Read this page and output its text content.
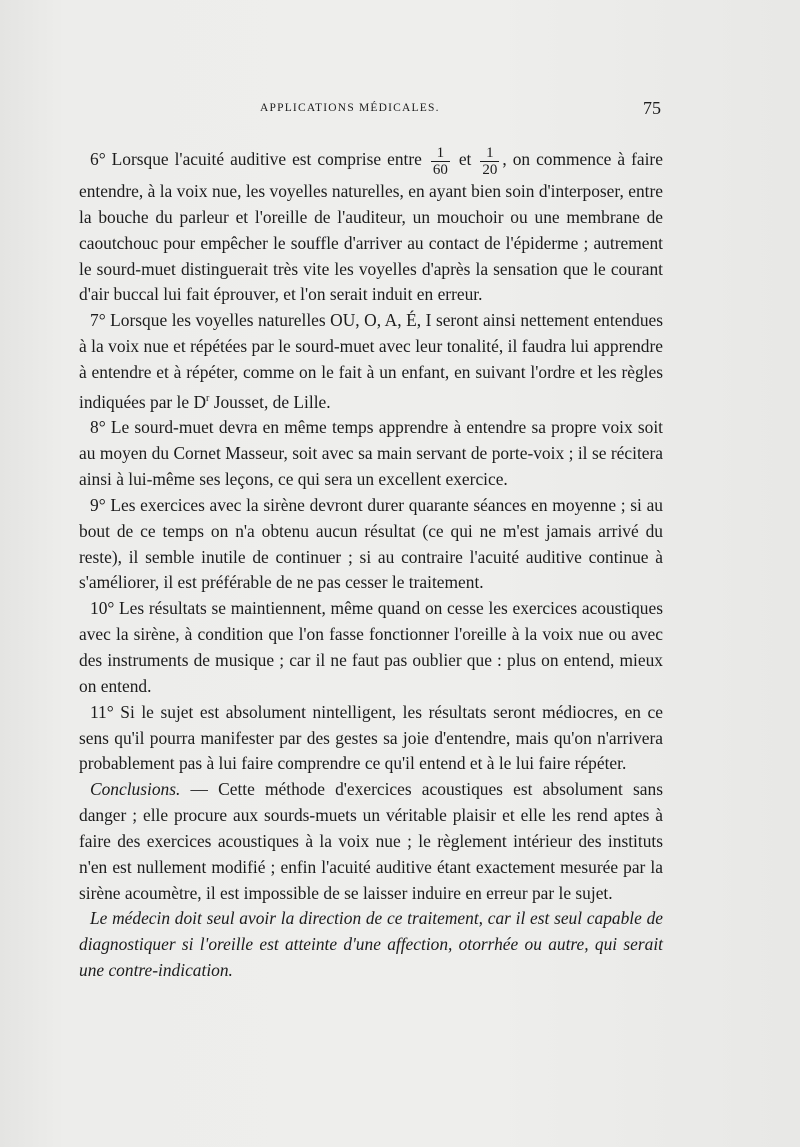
APPLICATIONS MÉDICALES.	75

6° Lorsque l'acuité auditive est comprise entre $\frac{1}{60}$ et $\frac{1}{20}$ , on commence à faire entendre, à la voix nue, les voyelles naturelles, en ayant bien soin d'interposer, entre la bouche du parleur et l'oreille de l'auditeur, un mouchoir ou une membrane de caoutchouc pour empêcher le souffle d'arriver au contact de l'épiderme ; autrement le sourd-muet distinguerait très vite les voyelles d'après la sensation que le courant d'air buccal lui fait éprouver, et l'on serait induit en erreur.

7° Lorsque les voyelles naturelles OU, O, A, É, I seront ainsi nettement entendues à la voix nue et répétées par le sourd-muet avec leur tonalité, il faudra lui apprendre à entendre et à répéter, comme on le fait à un enfant, en suivant l'ordre et les règles indiquées par le $D^r$ Jousset, de Lille.

8° Le sourd-muet devra en même temps apprendre à entendre sa propre voix soit au moyen du Cornet Masseur, soit avec sa main servant de porte-voix ; il se récitera ainsi à lui-même ses leçons, ce qui sera un excellent exercice.

9° Les exercices avec la sirène devront durer quarante séances en moyenne ; si au bout de ce temps on n'a obtenu aucun résultat (ce qui ne m'est jamais arrivé du reste), il semble inutile de continuer ; si au contraire l'acuité auditive continue à s'améliorer, il est préférable de ne pas cesser le traitement.

10° Les résultats se maintiennent, même quand on cesse les exercices acoustiques avec la sirène, à condition que l'on fasse fonctionner l'oreille à la voix nue ou avec des instruments de musique ; car il ne faut pas oublier que : plus on entend, mieux on entend.

11° Si le sujet est absolument nintelligent, les résultats seront médiocres, en ce sens qu'il pourra manifester par des gestes sa joie d'entendre, mais qu'on n'arrivera probablement pas à lui faire comprendre ce qu'il entend et à le lui faire répéter.

Conclusions. — Cette méthode d'exercices acoustiques est absolument sans danger ; elle procure aux sourds-muets un véritable plaisir et elle les rend aptes à faire des exercices acoustiques à la voix nue ; le règlement intérieur des instituts n'en est nullement modifié ; enfin l'acuité auditive étant exactement mesurée par la sirène acoumètre, il est impossible de se laisser induire en erreur par le sujet.

Le médecin doit seul avoir la direction de ce traitement, car il est seul capable de diagnostiquer si l'oreille est atteinte d'une affection, otorrhée ou autre, qui serait une contre-indication.
